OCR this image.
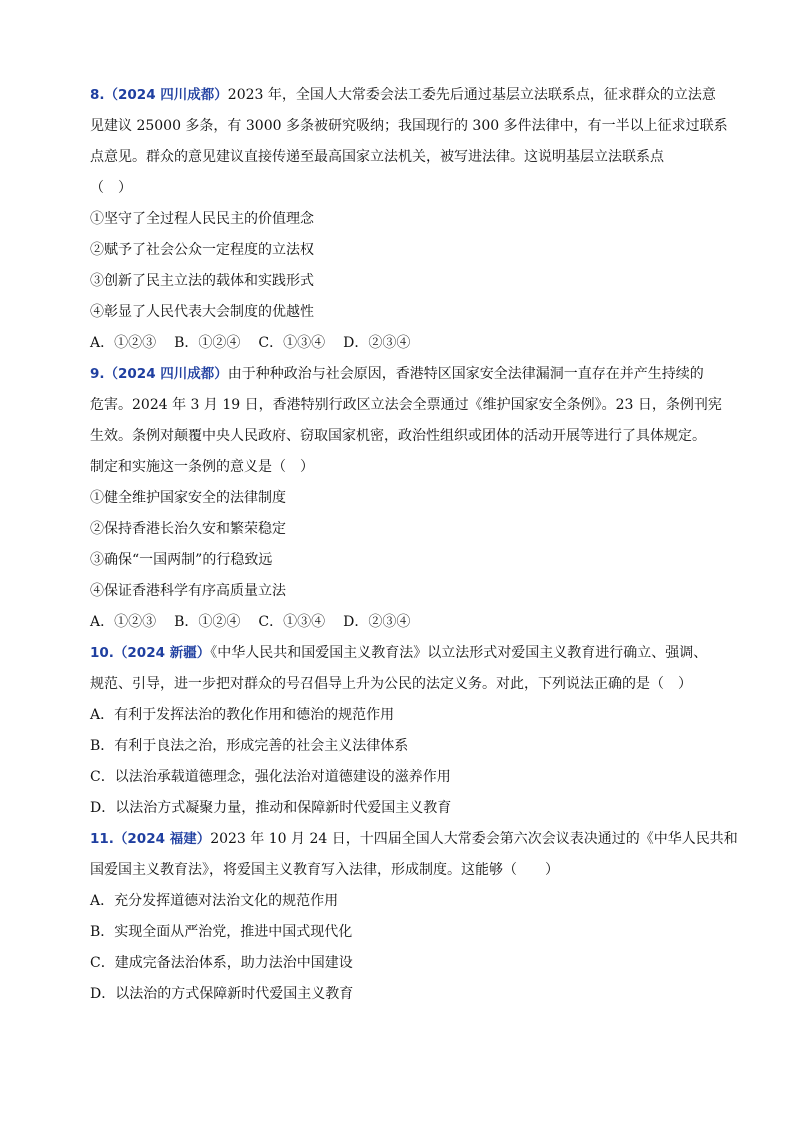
8.（2024 四川成都）2023 年，全国人大常委会法工委先后通过基层立法联系点，征求群众的立法意
见建议 25000 多条，有 3000 多条被研究吸纳；我国现行的 300 多件法律中，有一半以上征求过联系
点意见。群众的意见建议直接传递至最高国家立法机关，被写进法律。这说明基层立法联系点
（　）
①坚守了全过程人民民主的价值理念
②赋予了社会公众一定程度的立法权
③创新了民主立法的载体和实践形式
④彰显了人民代表大会制度的优越性
A．①②③ B．①②④ C．①③④ D．②③④
9.（2024 四川成都）由于种种政治与社会原因，香港特区国家安全法律漏洞一直存在并产生持续的
危害。2024 年 3 月 19 日，香港特别行政区立法会全票通过《维护国家安全条例》。23 日，条例刊宪
生效。条例对颠覆中央人民政府、窃取国家机密，政治性组织或团体的活动开展等进行了具体规定。
制定和实施这一条例的意义是（　）
①健全维护国家安全的法律制度
②保持香港长治久安和繁荣稳定
③确保“一国两制”的行稳致远
④保证香港科学有序高质量立法
A．①②③ B．①②④ C．①③④ D．②③④
10.（2024 新疆）《中华人民共和国爱国主义教育法》以立法形式对爱国主义教育进行确立、强调、
规范、引导，进一步把对群众的号召倡导上升为公民的法定义务。对此，下列说法正确的是（　）
A．有利于发挥法治的教化作用和德治的规范作用
B．有利于良法之治，形成完善的社会主义法律体系
C．以法治承载道德理念，强化法治对道德建设的滋养作用
D．以法治方式凝聚力量，推动和保障新时代爱国主义教育
11.（2024 福建）2023 年 10 月 24 日，十四届全国人大常委会第六次会议表决通过的《中华人民共和
国爱国主义教育法》，将爱国主义教育写入法律，形成制度。这能够（　　）
A．充分发挥道德对法治文化的规范作用
B．实现全面从严治党，推进中国式现代化
C．建成完备法治体系，助力法治中国建设
D．以法治的方式保障新时代爱国主义教育
